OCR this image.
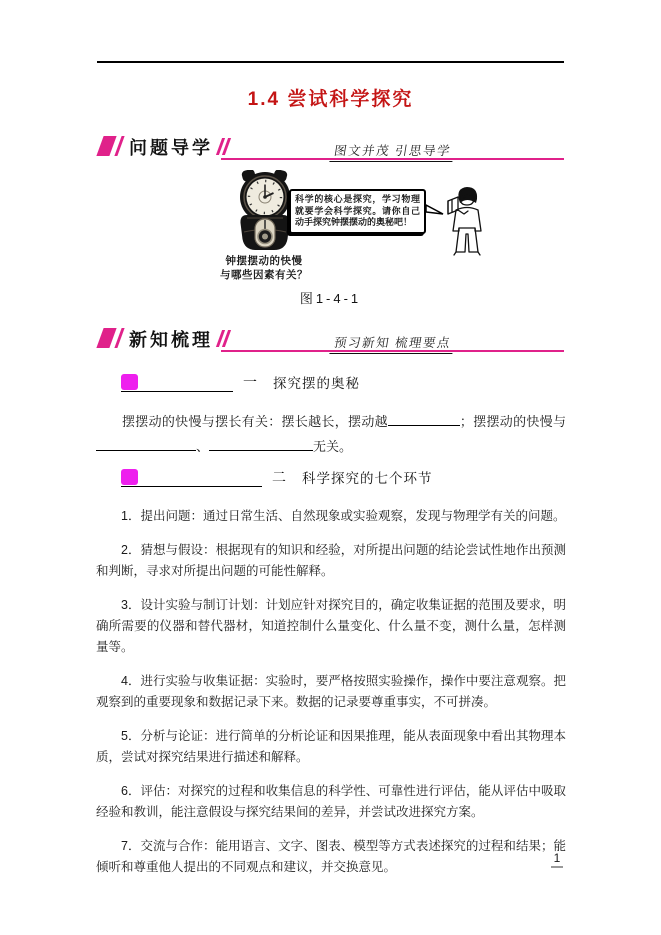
1.4 尝试科学探究
问题导学	图文并茂 引思导学
钟摆摆动的快慢
与哪些因素有关？
科学的核心是探究，学习物理就要学会科学探究。请你自己动手探究钟摆摆动的奥秘吧！
图1-4-1
新知梳理	预习新知 梳理要点
一 探究摆的奥秘

摆摆动的快慢与摆长有关：摆长越长，摆动越	；摆摆动的快慢与、	无关。

二 科学探究的七个环节

1．提出问题：通过日常生活、自然现象或实验观察，发现与物理学有关的问题。

2．猜想与假设：根据现有的知识和经验，对所提出问题的结论尝试性地作出预测和判断，寻求对所提出问题的可能性解释。

3．设计实验与制订计划：计划应针对探究目的，确定收集证据的范围及要求，明确所需要的仪器和替代器材，知道控制什么量变化、什么量不变，测什么量，怎样测量等。

4．进行实验与收集证据：实验时，要严格按照实验操作，操作中要注意观察。把观察到的重要现象和数据记录下来。数据的记录要尊重事实，不可拼凑。

5．分析与论证：进行简单的分析论证和因果推理，能从表面现象中看出其物理本质，尝试对探究结果进行描述和解释。

6．评估：对探究的过程和收集信息的科学性、可靠性进行评估，能从评估中吸取经验和教训，能注意假设与探究结果间的差异，并尝试改进探究方案。

7．交流与合作：能用语言、文字、图表、模型等方式表述探究的过程和结果；能倾听和尊重他人提出的不同观点和建议，并交换意见。

1
